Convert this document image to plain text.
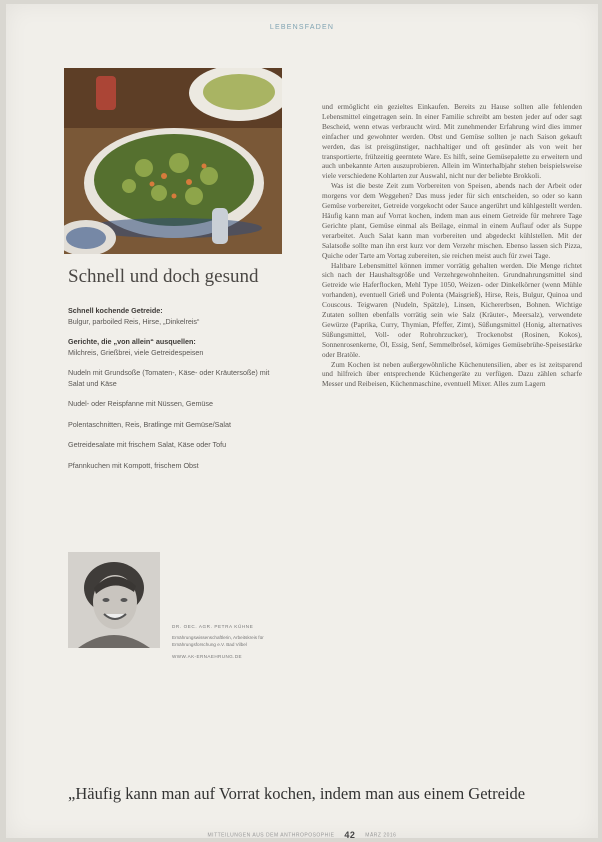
LEBENSFADEN
Schnell und doch gesund
Schnell kochende Getreide:
Bulgur, parboiled Reis, Hirse, „Dinkelreis“
Gerichte, die „von allein“ ausquellen:
Milchreis, Grießbrei, viele Getreidespeisen
Nudeln mit Grundsoße (Tomaten-, Käse- oder Kräutersoße) mit Salat und Käse
Nudel- oder Reispfanne mit Nüssen, Gemüse
Polentaschnitten, Reis, Bratlinge mit Gemüse/Salat
Getreidesalate mit frischem Salat, Käse oder Tofu
Pfannkuchen mit Kompott, frischem Obst
DR. OEC. AGR. PETRA KÜHNE
Ernährungswissenschaftlerin, Arbeitskreis für Ernährungsforschung e.V. Bad Vilbel
WWW.AK-ERNAEHRUNG.DE

und ermöglicht ein gezieltes Einkaufen. Bereits zu Hause sollten alle fehlenden Lebensmittel eingetragen sein. In einer Familie schreibt am besten jeder auf oder sagt Bescheid, wenn etwas verbraucht wird. Mit zunehmender Erfahrung wird dies immer einfacher und gewohnter werden. Obst und Gemüse sollten je nach Saison gekauft werden, das ist preisgünstiger, nachhaltiger und oft gesünder als von weit her transportierte, frühzeitig geerntete Ware. Es hilft, seine Gemüsepalette zu erweitern und auch unbekannte Arten auszuprobieren. Allein im Winterhalbjahr stehen beispielsweise viele verschiedene Kohlarten zur Auswahl, nicht nur der beliebte Brokkoli.

Was ist die beste Zeit zum Vorbereiten von Speisen, abends nach der Arbeit oder morgens vor dem Weggehen? Das muss jeder für sich entscheiden, so oder so kann Gemüse vorbereitet, Getreide vorgekocht oder Sauce angerührt und kühlgestellt werden. Häufig kann man auf Vorrat kochen, indem man aus einem Getreide für mehrere Tage Gerichte plant, Gemüse einmal als Beilage, einmal in einem Auflauf oder als Suppe verarbeitet. Auch Salat kann man vorbereiten und abgedeckt kühlstellen. Mit der Salatsoße sollte man ihn erst kurz vor dem Verzehr mischen. Ebenso lassen sich Pizza, Quiche oder Tarte am Vortag zubereiten, sie reichen meist auch für zwei Tage.

Haltbare Lebensmittel können immer vorrätig gehalten werden. Die Menge richtet sich nach der Haushaltsgröße und Verzehrgewohnheiten. Grundnahrungsmittel sind Getreide wie Haferflocken, Mehl Type 1050, Weizen- oder Dinkelkörner (wenn Mühle vorhanden), eventuell Grieß und Polenta (Maisgrieß), Hirse, Reis, Bulgur, Quinoa und Couscous. Teigwaren (Nudeln, Spätzle), Linsen, Kichererbsen, Bohnen. Wichtige Zutaten sollten ebenfalls vorrätig sein wie Salz (Kräuter-, Meersalz), verwendete Gewürze (Paprika, Curry, Thymian, Pfeffer, Zimt), Süßungsmittel (Honig, alternatives Süßungsmittel, Voll- oder Rohrohrzucker), Trockenobst (Rosinen, Kokos), Sonnenrosenkerne, Öl, Essig, Senf, Semmelbrösel, körniges Gemüsebrühe-Speisestärke oder Bratöle.

Zum Kochen ist neben außergewöhnliche Küchenutensilien, aber es ist zeitsparend und hilfreich über entsprechende Küchengeräte zu verfügen. Dazu zählen scharfe Messer und Reibeisen, Küchenmaschine, eventuell Mixer. Alles zum Lagern

„Häufig kann man auf Vorrat kochen, indem man aus einem Getreide
MITTEILUNGEN AUS DEM ANTHROPOSOPHIE 42 MÄRZ 2016
